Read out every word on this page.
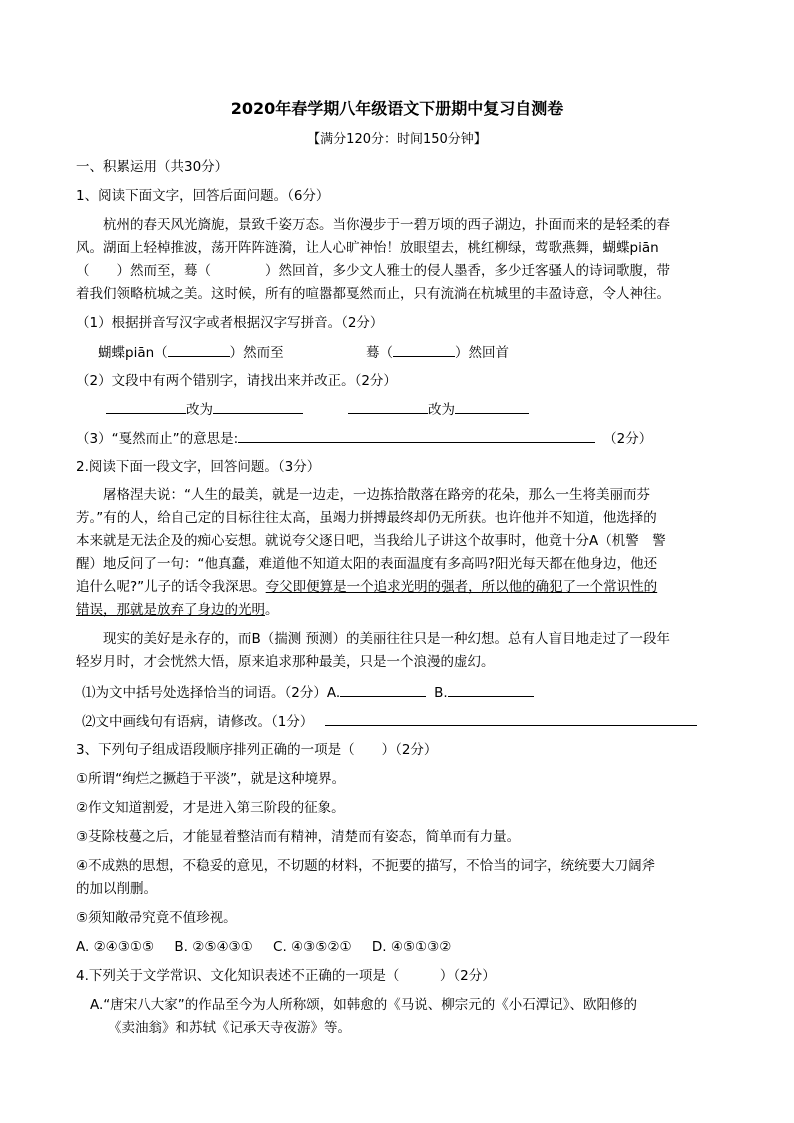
2020年春学期八年级语文下册期中复习自测卷
【满分120分：时间150分钟】
一、积累运用（共30分）
1、阅读下面文字，回答后面问题。（6分）
杭州的春天风光旖旎，景致千姿万态。当你漫步于一碧万顷的西子湖边，扑面而来的是轻柔的春
风。湖面上轻棹推波，荡开阵阵涟漪，让人心旷神怡！放眼望去，桃红柳绿，莺歌燕舞，蝴蝶piān
（　　）然而至，蓦（　　　　）然回首，多少文人雅士的侵人墨香，多少迁客骚人的诗词歌腹，带
着我们领略杭城之美。这时候，所有的喧嚣都戛然而止，只有流淌在杭城里的丰盈诗意，令人神往。
（1）根据拼音写汉字或者根据汉字写拼音。（2分）
蝴蝶piān（	）然而至	蓦（	）然回首
（2）文段中有两个错别字，请找出来并改正。（2分）
改为	改为
（3）“戛然而止”的意思是:	（2分）
2.阅读下面一段文字，回答问题。（3分）
屠格涅夫说：“人生的最美，就是一边走，一边拣拾散落在路旁的花朵，那么一生将美丽而芬
芳。”有的人，给自己定的目标往往太高，虽竭力拼搏最终却仍无所获。也许他并不知道，他选择的
本来就是无法企及的痴心妄想。就说夸父逐日吧，当我给儿子讲这个故事时，他竟十分A（机警　警
醒）地反问了一句：“他真蠢，难道他不知道太阳的表面温度有多高吗?阳光每天都在他身边，他还
追什么呢?”儿子的话令我深思。夸父即便算是一个追求光明的强者，所以他的确犯了一个常识性的
错误，那就是放弃了身边的光明。
现实的美好是永存的，而B（揣测 预测）的美丽往往只是一种幻想。总有人盲目地走过了一段年
轻岁月时，才会恍然大悟，原来追求那种最美，只是一个浪漫的虚幻。
⑴为文中括号处选择恰当的词语。（2分）A.	B.
⑵文中画线句有语病，请修改。（1分）
3、下列句子组成语段顺序排列正确的一项是（　　）（2分）
①所谓“绚烂之撅趋于平淡”，就是这种境界。
②作文知道割爱，才是进入第三阶段的征象。
③芟除枝蔓之后，才能显着整洁而有精神，清楚而有姿态，简单而有力量。
④不成熟的思想，不稳妥的意见，不切题的材料，不扼要的描写，不恰当的词字，统统要大刀阔斧
的加以削删。
⑤须知敞帚究竟不值珍视。
A. ②④③①⑤ B. ②⑤④③① C. ④③⑤②① D. ④⑤①③②
4.下列关于文学常识、文化知识表述不正确的一项是（　　　）（2分）
A.“唐宋八大家”的作品至今为人所称颂，如韩愈的《马说、柳宗元的《小石潭记》、欧阳修的
《卖油翁》和苏轼《记承天寺夜游》等。
